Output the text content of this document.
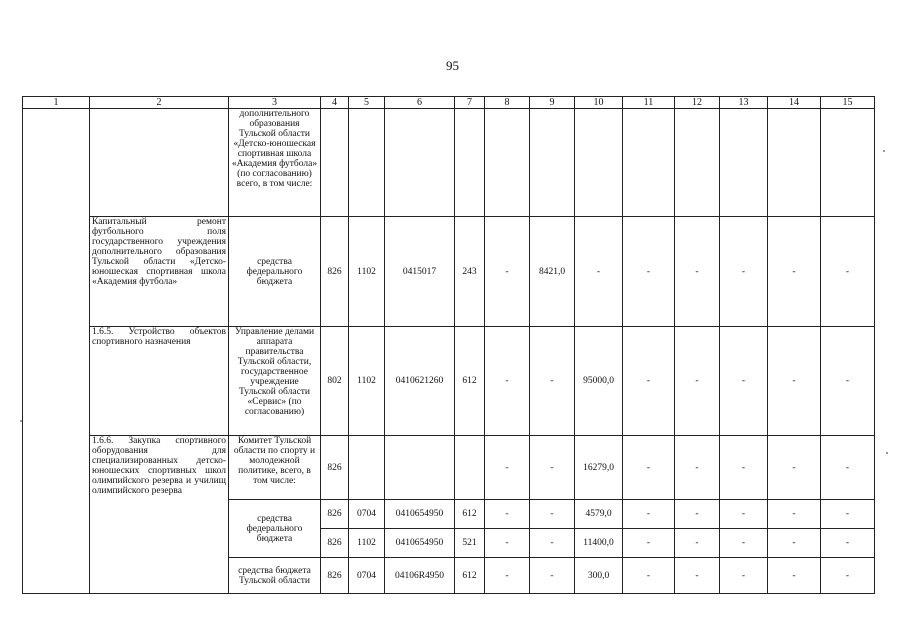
95
1	2	3	4	5	6	7	8	9	10	11	12	13	14	15
		дополнительного образования Тульской области «Детско-юношеская спортивная школа «Академия футбола» (по согласованию) всего, в том числе:												
	Капитальный ремонт футбольного поля государственного учреждения дополнительного образования Тульской области «Детско-юношеская спортивная школа «Академия футбола»	средства федерального бюджета	826	1102	0415017	243	-	8421,0	-	-	-	-	-	-
	1.6.5. Устройство объектов спортивного назначения	Управление делами аппарата правительства Тульской области, государственное учреждение Тульской области «Сервис» (по согласованию)	802	1102	0410621260	612	-	-	95000,0	-	-	-	-	-
	1.6.6. Закупка спортивного оборудования для специализированных детско-юношеских спортивных школ олимпийского резерва и училищ олимпийского резерва	Комитет Тульской области по спорту и молодежной политике, всего, в том числе:	826				-	-	16279,0	-	-	-	-	-
		средства федерального бюджета	826	0704	0410654950	612	-	-	4579,0	-	-	-	-	-
			826	1102	0410654950	521	-	-	11400,0	-	-	-	-	-
		средства бюджета Тульской области	826	0704	04106R4950	612	-	-	300,0	-	-	-	-	-
